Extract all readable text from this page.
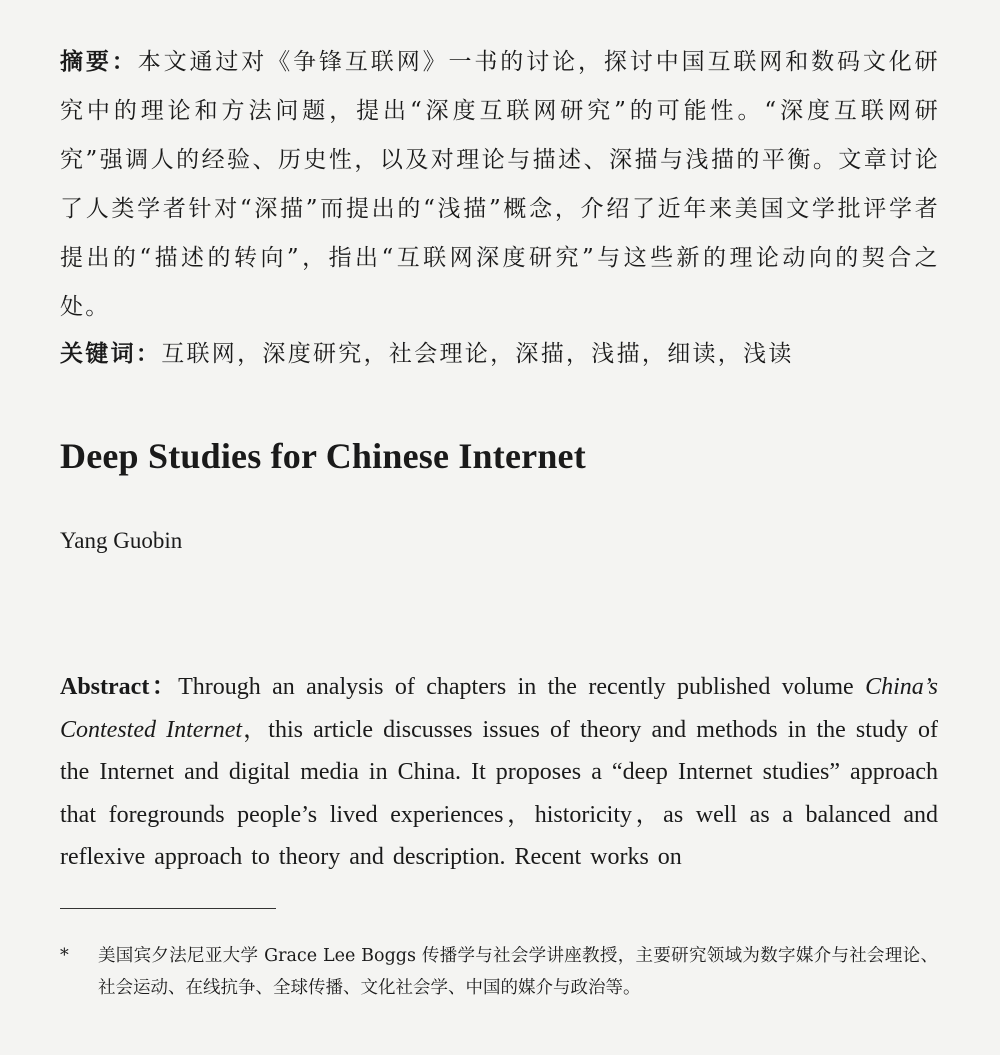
摘要：本文通过对《争锋互联网》一书的讨论，探讨中国互联网和数码文化研究中的理论和方法问题，提出“深度互联网研究”的可能性。“深度互联网研究”强调人的经验、历史性，以及对理论与描述、深描与浅描的平衡。文章讨论了人类学者针对“深描”而提出的“浅描”概念，介绍了近年来美国文学批评学者提出的“描述的转向”，指出“互联网深度研究”与这些新的理论动向的契合之处。

关键词：互联网，深度研究，社会理论，深描，浅描，细读，浅读

Deep Studies for Chinese Internet

Yang Guobin

Abstract：Through an analysis of chapters in the recently published volume China’s Contested Internet，this article discusses issues of theory and methods in the study of the Internet and digital media in China. It proposes a “deep Internet studies” approach that foregrounds people’s lived experiences，historicity，as well as a balanced and reflexive approach to theory and description. Recent works on

*	美国宾夕法尼亚大学 Grace Lee Boggs 传播学与社会学讲座教授，主要研究领域为数字媒介与社会理论、社会运动、在线抗争、全球传播、文化社会学、中国的媒介与政治等。
